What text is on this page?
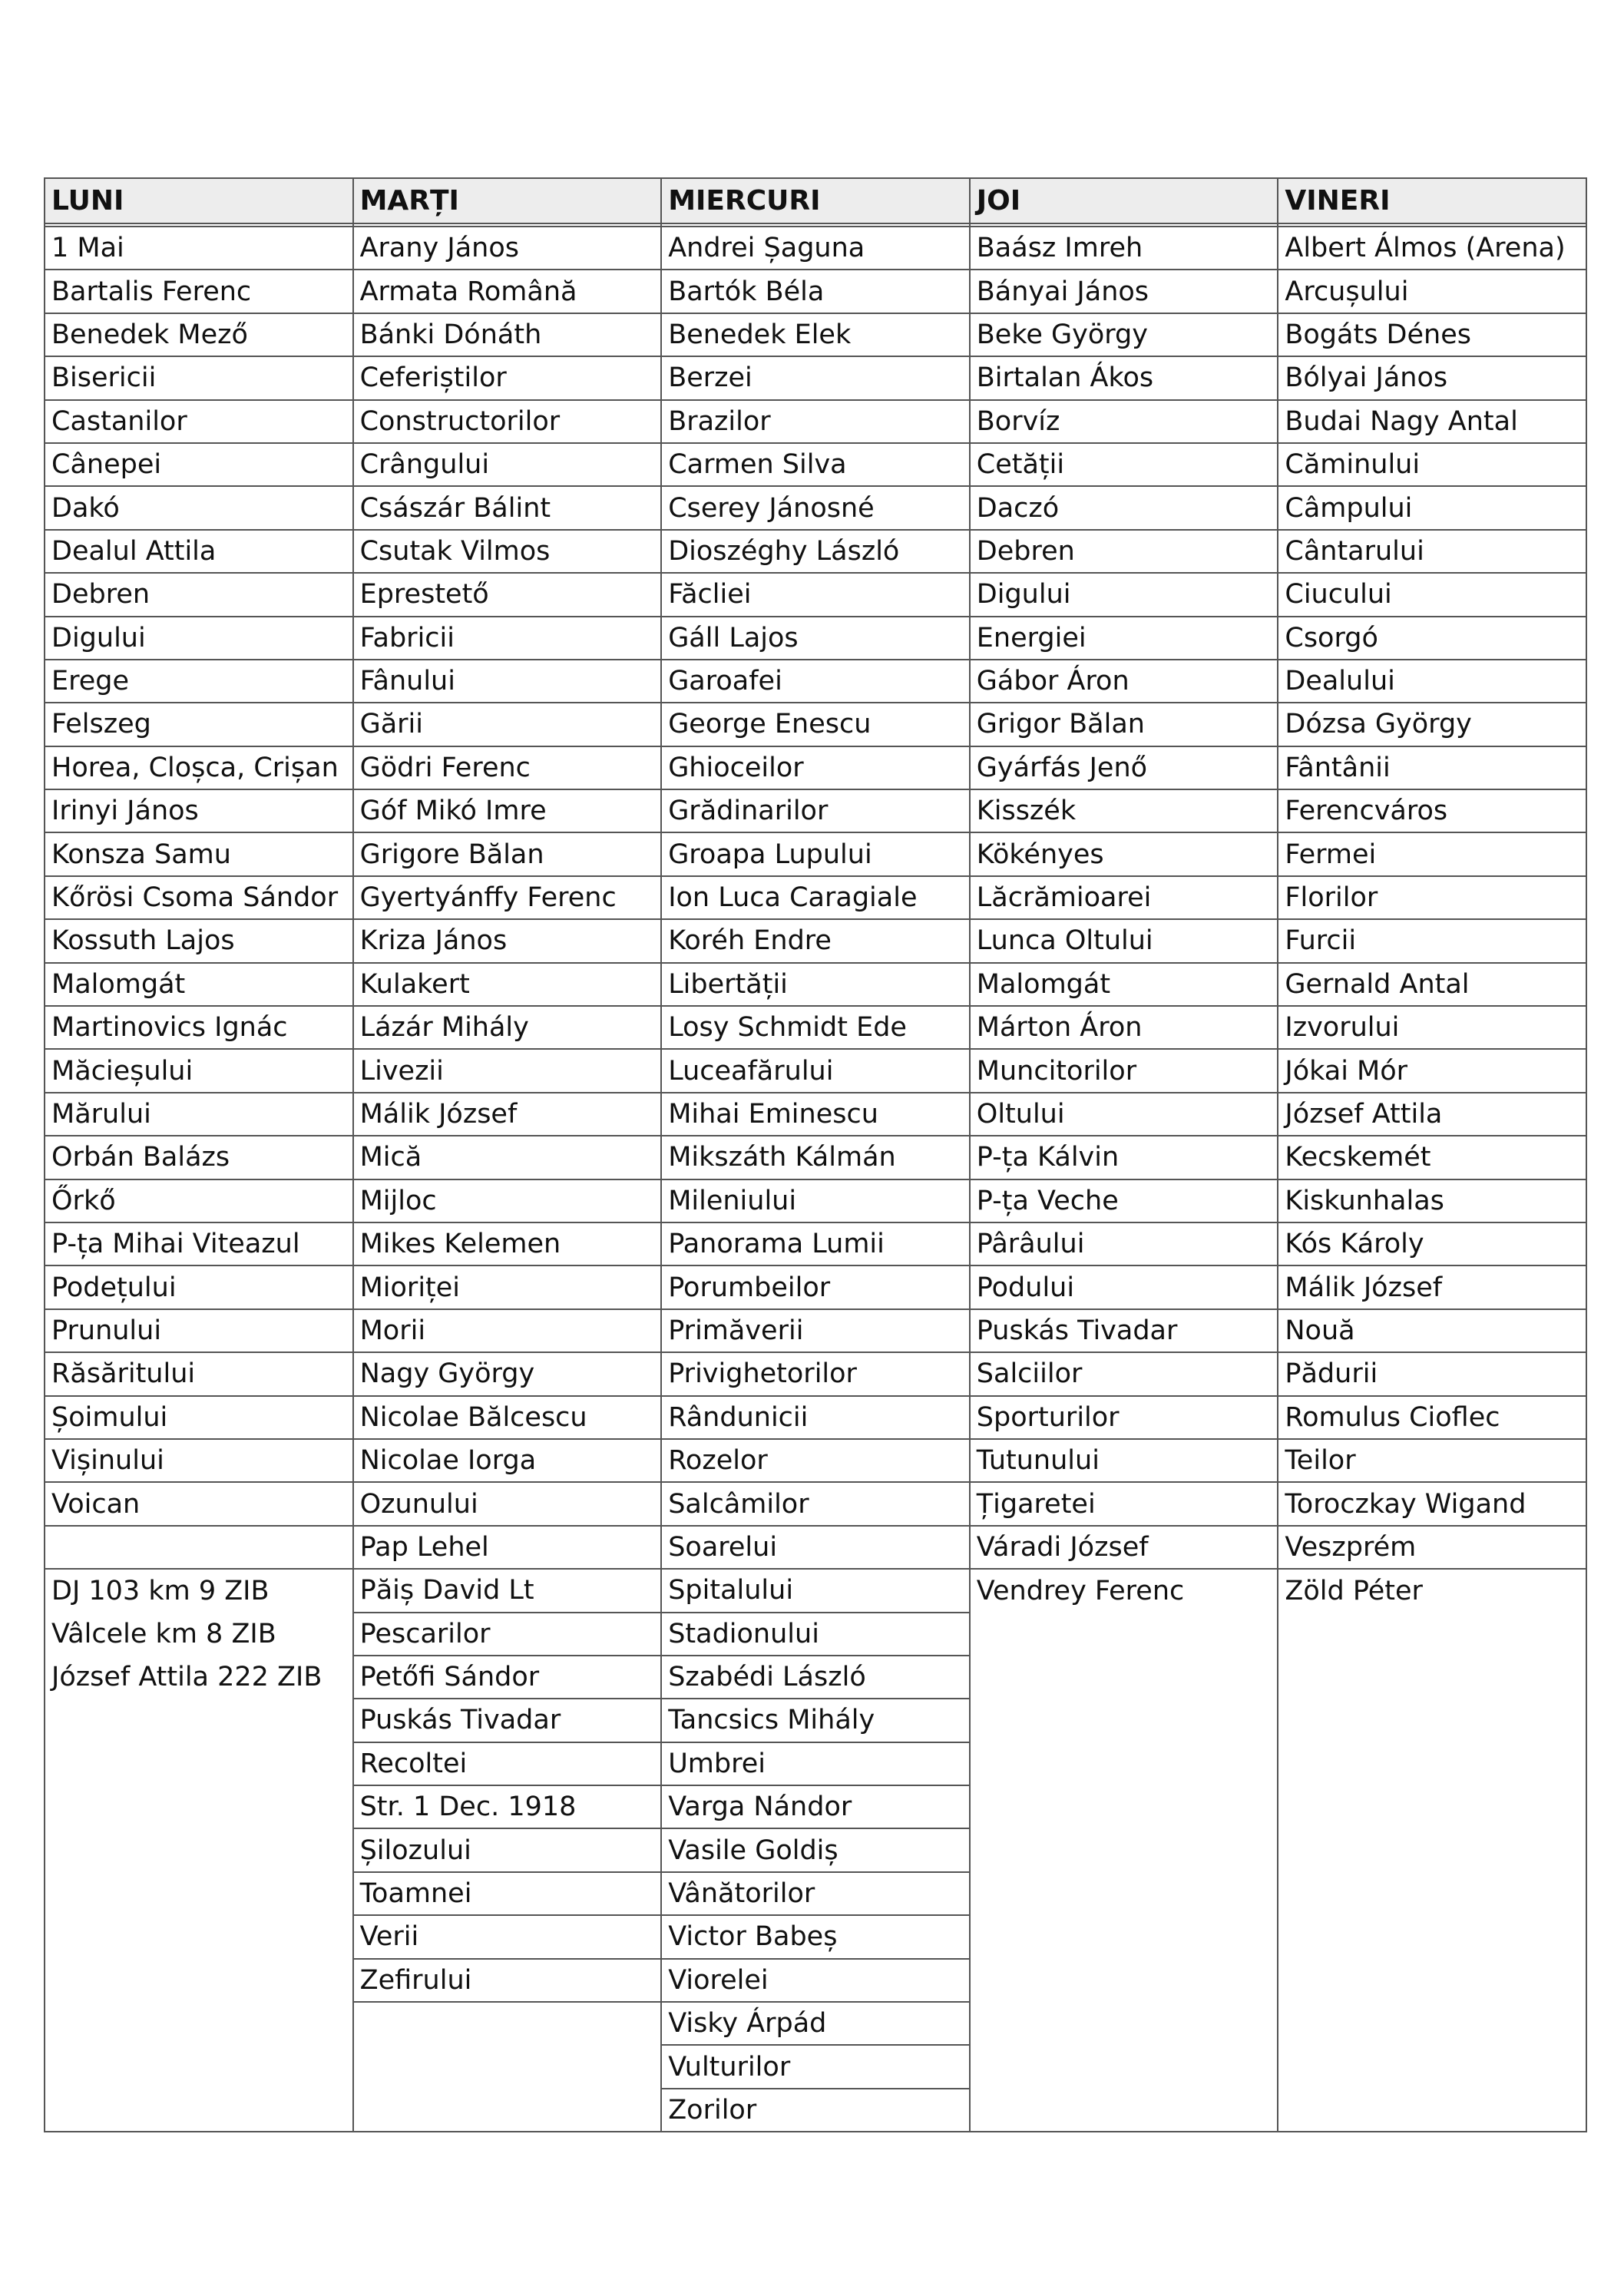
LUNI	MARȚI	MIERCURI	JOI	VINERI

1 Mai	Arany János	Andrei Șaguna	Baász Imreh	Albert Álmos (Arena)
Bartalis Ferenc	Armata Română	Bartók Béla	Bányai János	Arcușului
Benedek Mező	Bánki Dónáth	Benedek Elek	Beke György	Bogáts Dénes
Bisericii	Ceferiștilor	Berzei	Birtalan Ákos	Bólyai János
Castanilor	Constructorilor	Brazilor	Borvíz	Budai Nagy Antal
Cânepei	Crângului	Carmen Silva	Cetății	Căminului
Dakó	Császár Bálint	Cserey Jánosné	Daczó	Câmpului
Dealul Attila	Csutak Vilmos	Dioszéghy László	Debren	Cântarului
Debren	Eprestető	Făcliei	Digului	Ciucului
Digului	Fabricii	Gáll Lajos	Energiei	Csorgó
Erege	Fânului	Garoafei	Gábor Áron	Dealului
Felszeg	Gării	George Enescu	Grigor Bălan	Dózsa György
Horea, Cloșca, Crișan	Gödri Ferenc	Ghioceilor	Gyárfás Jenő	Fântânii
Irinyi János	Gόf Mikó Imre	Grădinarilor	Kisszék	Ferencváros
Konsza Samu	Grigore Bălan	Groapa Lupului	Kökényes	Fermei
Kőrösi Csoma Sándor	Gyertyánffy Ferenc	Ion Luca Caragiale	Lăcrămioarei	Florilor
Kossuth Lajos	Kriza János	Koréh Endre	Lunca Oltului	Furcii
Malomgát	Kulakert	Libertății	Malomgát	Gernald Antal
Martinovics Ignác	Lázár Mihály	Losy Schmidt Ede	Márton Áron	Izvorului
Măcieșului	Livezii	Luceafărului	Muncitorilor	Jókai Mór
Mărului	Málik József	Mihai Eminescu	Oltului	József Attila
Orbán Balázs	Mică	Mikszáth Kálmán	P-ța Kálvin	Kecskemét
Őrkő	Mijloc	Mileniului	P-ța Veche	Kiskunhalas
P-ța Mihai Viteazul	Mikes Kelemen	Panorama Lumii	Pârâului	Kós Károly
Podețului	Mioriței	Porumbeilor	Podului	Málik József
Prunului	Morii	Primăverii	Puskás Tivadar	Nouă
Răsăritului	Nagy György	Privighetorilor	Salciilor	Pădurii
Șoimului	Nicolae Bălcescu	Rândunicii	Sporturilor	Romulus Cioflec
Vișinului	Nicolae Iorga	Rozelor	Tutunului	Teilor
Voican	Ozunului	Salcâmilor	Țigaretei	Toroczkay Wigand
	Pap Lehel	Soarelui	Váradi József	Veszprém
DJ 103 km 9 ZIB	Păiș David Lt	Spitalului	Vendrey Ferenc	Zöld Péter
Vâlcele km 8 ZIB	Pescarilor	Stadionului		
József Attila 222 ZIB	Petőfi Sándor	Szabédi László		
	Puskás Tivadar	Tancsics Mihály		
	Recoltei	Umbrei		
	Str. 1 Dec. 1918	Varga Nándor		
	Șilozului	Vasile Goldiș		
	Toamnei	Vânătorilor		
	Verii	Victor Babeș		
	Zefirului	Viorelei		
		Visky Árpád		
		Vulturilor		
		Zorilor		
